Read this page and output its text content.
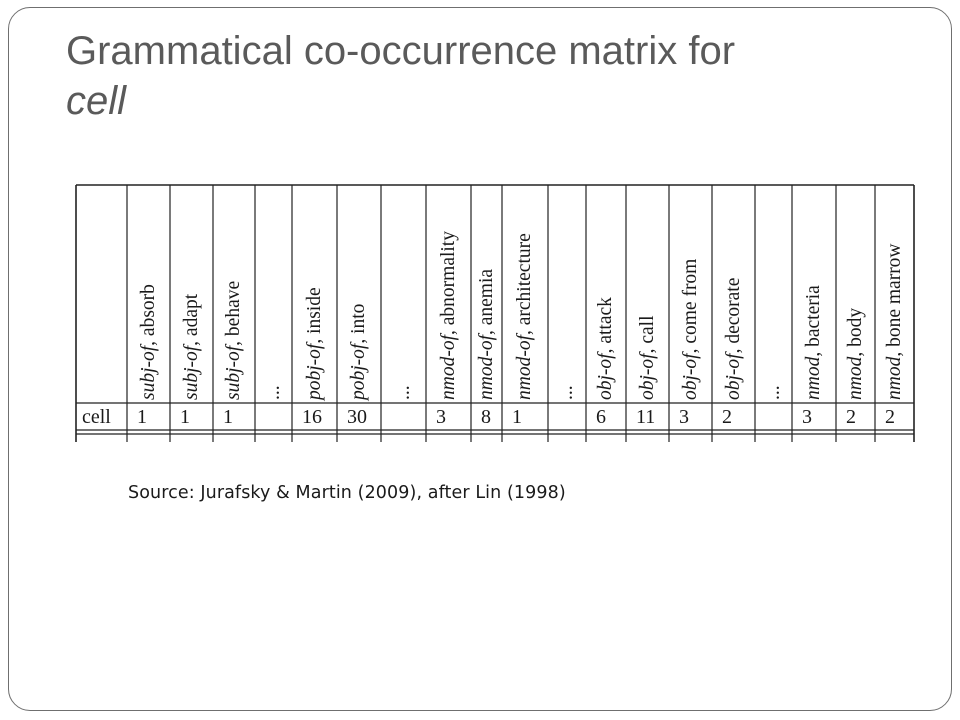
Grammatical co-occurrence matrix for
cell
cell
subj-of, absorb
1
subj-of, adapt
1
subj-of, behave
1
... pobj-of, inside
16
pobj-of, into
30
... nmod-of, abnormality
3
nmod-of, anemia
8
nmod-of, architecture
1
... obj-of, attack
6
obj-of, call
11
obj-of, come from
3
obj-of, decorate
2
... nmod, bacteria
3
nmod, body
2
nmod, bone marrow
2
Source: Jurafsky & Martin (2009), after Lin (1998)
